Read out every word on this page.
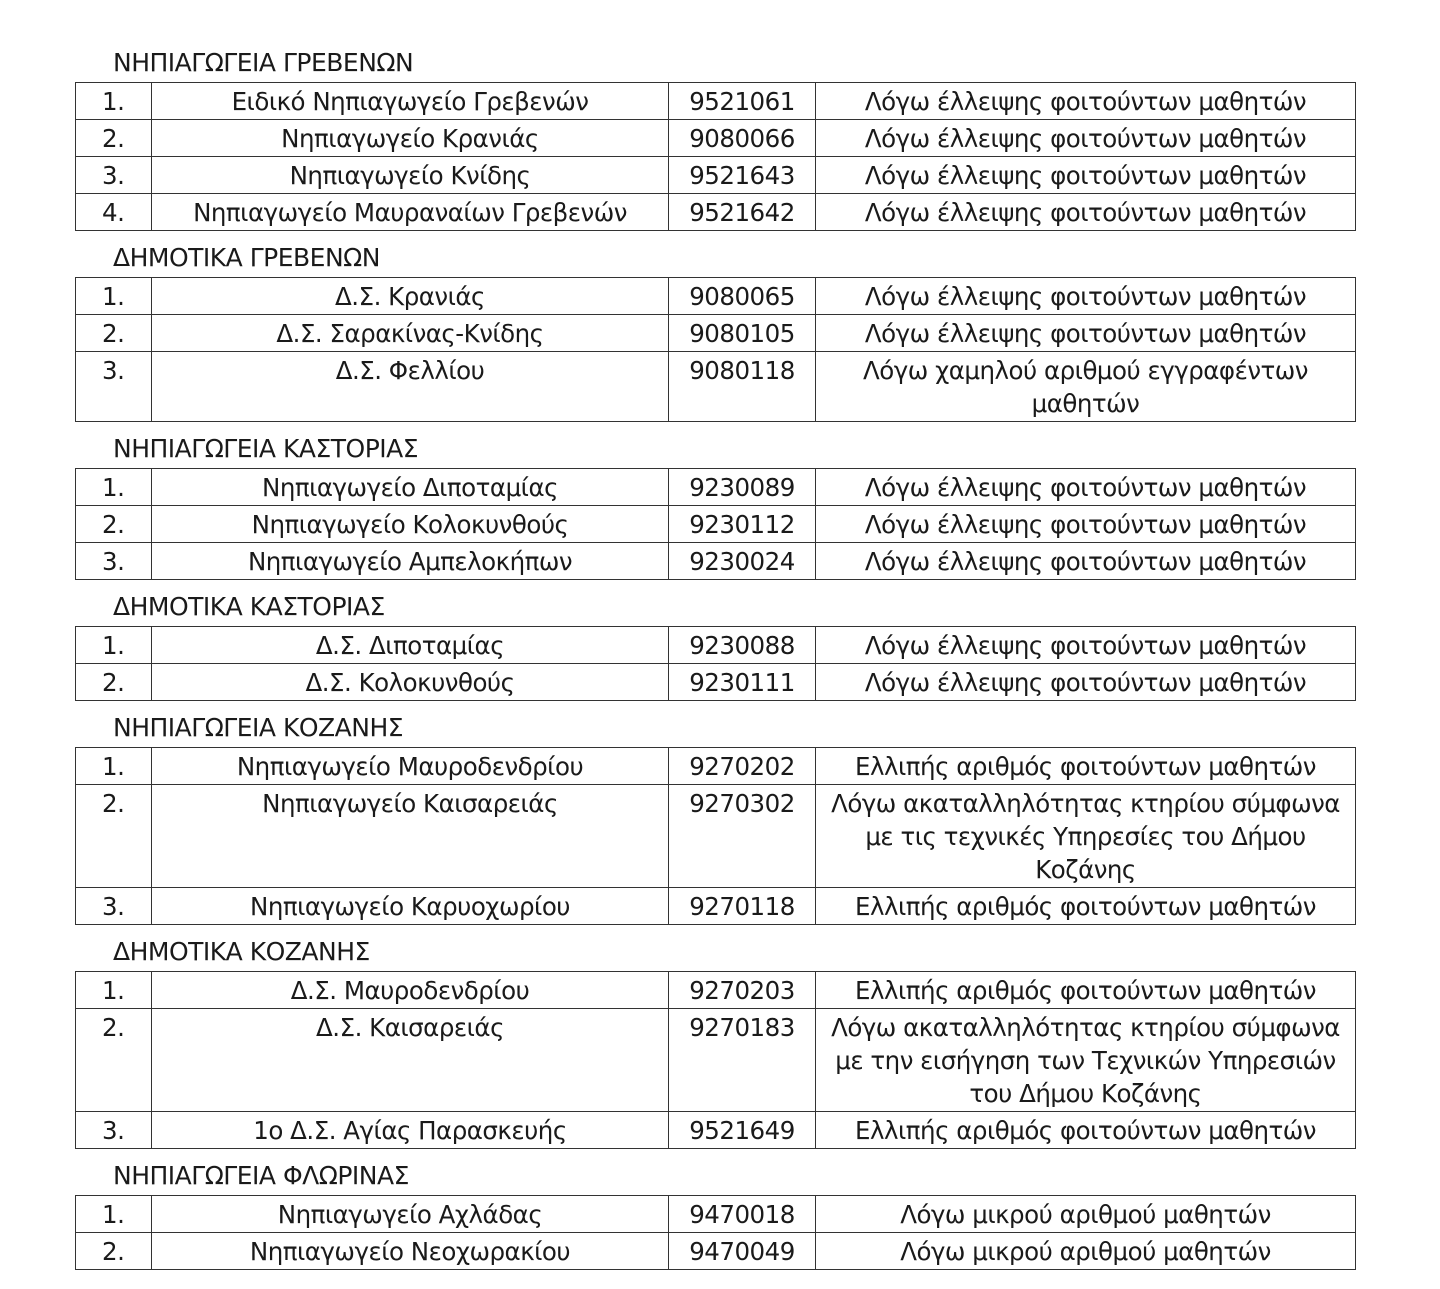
ΝΗΠΙΑΓΩΓΕΙΑ ΓΡΕΒΕΝΩΝ
1.	Ειδικό Νηπιαγωγείο Γρεβενών	9521061	Λόγω έλλειψης φοιτούντων μαθητών
2.	Νηπιαγωγείο Κρανιάς	9080066	Λόγω έλλειψης φοιτούντων μαθητών
3.	Νηπιαγωγείο Κνίδης	9521643	Λόγω έλλειψης φοιτούντων μαθητών
4.	Νηπιαγωγείο Μαυραναίων Γρεβενών	9521642	Λόγω έλλειψης φοιτούντων μαθητών
ΔΗΜΟΤΙΚΑ ΓΡΕΒΕΝΩΝ
1.	Δ.Σ. Κρανιάς	9080065	Λόγω έλλειψης φοιτούντων μαθητών
2.	Δ.Σ. Σαρακίνας-Κνίδης	9080105	Λόγω έλλειψης φοιτούντων μαθητών
3.	Δ.Σ. Φελλίου	9080118	Λόγω χαμηλού αριθμού εγγραφέντων μαθητών
ΝΗΠΙΑΓΩΓΕΙΑ ΚΑΣΤΟΡΙΑΣ
1.	Νηπιαγωγείο Διποταμίας	9230089	Λόγω έλλειψης φοιτούντων μαθητών
2.	Νηπιαγωγείο Κολοκυνθούς	9230112	Λόγω έλλειψης φοιτούντων μαθητών
3.	Νηπιαγωγείο Αμπελοκήπων	9230024	Λόγω έλλειψης φοιτούντων μαθητών
ΔΗΜΟΤΙΚΑ ΚΑΣΤΟΡΙΑΣ
1.	Δ.Σ. Διποταμίας	9230088	Λόγω έλλειψης φοιτούντων μαθητών
2.	Δ.Σ. Κολοκυνθούς	9230111	Λόγω έλλειψης φοιτούντων μαθητών
ΝΗΠΙΑΓΩΓΕΙΑ ΚΟΖΑΝΗΣ
1.	Νηπιαγωγείο Μαυροδενδρίου	9270202	Ελλιπής αριθμός φοιτούντων μαθητών
2.	Νηπιαγωγείο Καισαρειάς	9270302	Λόγω ακαταλληλότητας κτηρίου σύμφωνα με τις τεχνικές Υπηρεσίες του Δήμου Κοζάνης
3.	Νηπιαγωγείο Καρυοχωρίου	9270118	Ελλιπής αριθμός φοιτούντων μαθητών
ΔΗΜΟΤΙΚΑ ΚΟΖΑΝΗΣ
1.	Δ.Σ. Μαυροδενδρίου	9270203	Ελλιπής αριθμός φοιτούντων μαθητών
2.	Δ.Σ. Καισαρειάς	9270183	Λόγω ακαταλληλότητας κτηρίου σύμφωνα με την εισήγηση των Τεχνικών Υπηρεσιών του Δήμου Κοζάνης
3.	1ο Δ.Σ. Αγίας Παρασκευής	9521649	Ελλιπής αριθμός φοιτούντων μαθητών
ΝΗΠΙΑΓΩΓΕΙΑ ΦΛΩΡΙΝΑΣ
1.	Νηπιαγωγείο Αχλάδας	9470018	Λόγω μικρού αριθμού μαθητών
2.	Νηπιαγωγείο Νεοχωρακίου	9470049	Λόγω μικρού αριθμού μαθητών
